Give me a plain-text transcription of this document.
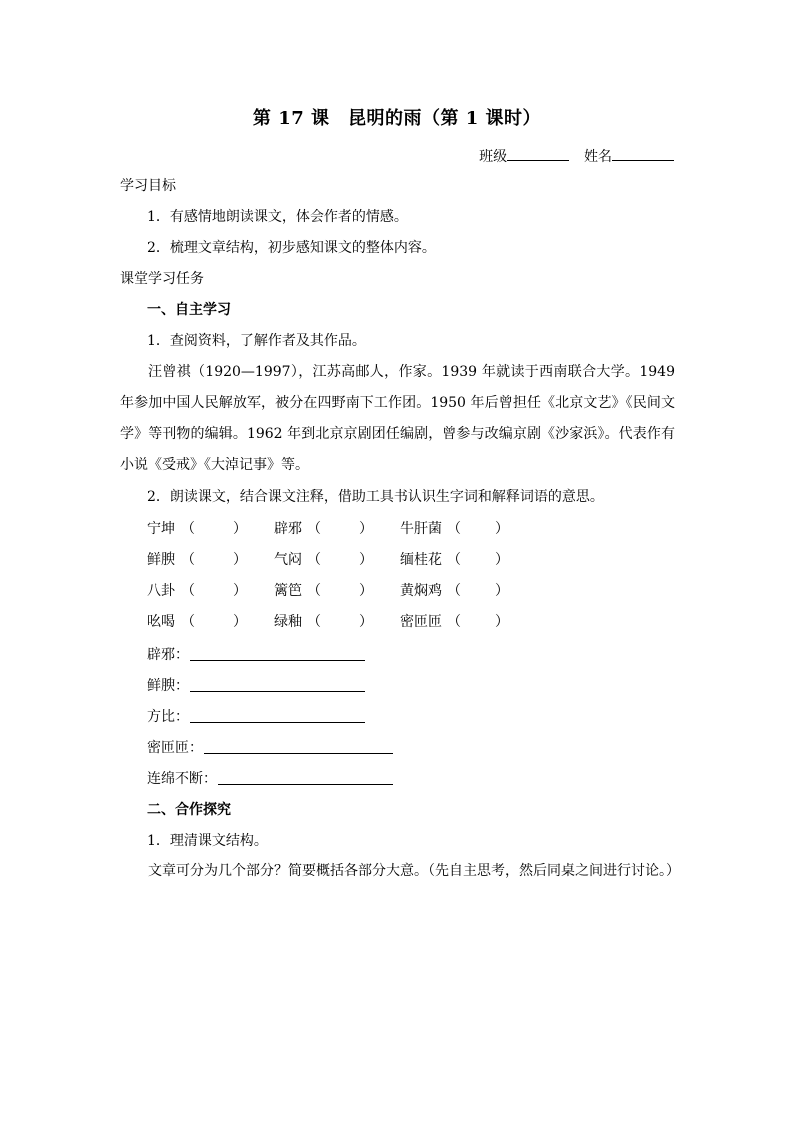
第 17 课　昆明的雨（第 1 课时）
班级	姓名
学习目标
1．有感情地朗读课文，体会作者的情感。
2．梳理文章结构，初步感知课文的整体内容。
课堂学习任务
一、自主学习
1．查阅资料，了解作者及其作品。
汪曾祺（1920—1997），江苏高邮人，作家。1939 年就读于西南联合大学。1949 年参加中国人民解放军，被分在四野南下工作团。1950 年后曾担任《北京文艺》《民间文学》等刊物的编辑。1962 年到北京京剧团任编剧，曾参与改编京剧《沙家浜》。代表作有小说《受戒》《大淖记事》等。
2．朗读课文，结合课文注释，借助工具书认识生字词和解释词语的意思。
宁坤 （	） 辟邪 （	） 牛肝菌 （ ）
鲜腴 （	） 气闷 （	） 缅桂花 （ ）
八卦 （	） 篱笆 （	） 黄焖鸡 （ ）
吆喝 （	） 绿釉 （	） 密匝匝 （ ）
辟邪：
鲜腴：
方比：
密匝匝：
连绵不断：
二、合作探究
1．理清课文结构。
文章可分为几个部分？简要概括各部分大意。（先自主思考，然后同桌之间进行讨论。）
